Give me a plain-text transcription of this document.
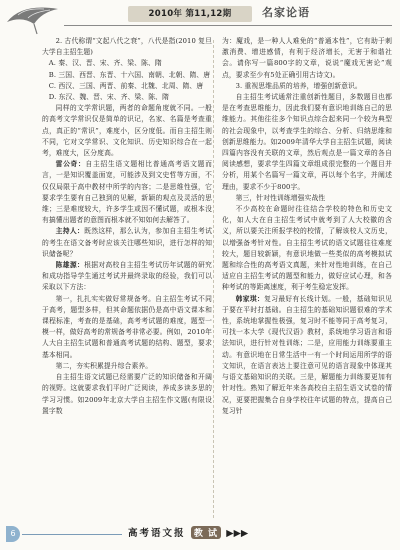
2010年 第11,12期	名家论语

2. 古代称谓“文起八代之衰”，八代是指(2010 复旦大学自主招生题)

A. 秦、汉、晋、宋、齐、梁、陈、隋

B. 三国、西晋、东晋、十六国、南朝、北朝、隋、唐

C. 西汉、三国、两晋、前秦、北魏、北周、隋、唐

D. 东汉、魏、晋、宋、齐、梁、陈、隋

同样的文学常识题，两者的命题角度就不同。一般的高考文学常识仅是简单的识记，名家、名篇是考查重点，真正的“常识”，难度小，区分度低。而自主招生则不同，它对文学常识、文化知识、历史知识综合在一起考，难度大，区分度高。

雷公奇：自主招生语文题相比普通高考语文题而言，一是知识覆盖面宽，可能涉及到文史哲等方面，不仅仅局限于高中教材中所学的内容；二是思维性强，它要求学生要有自己独到的见解，新颖的观点及灵活的思维；三是难度较大，许多学生或因不懂试题，或根本没有搞懂出题者的意图而根本就不知如何去解答了。

主持人：既然这样，那么认为，参加自主招生考试的考生在语文备考时应该关注哪些知识，进行怎样的知识储备呢？

陈雄源：根据对高校自主招生考试历年试题的研究和成功指导学生通过考试并最终录取的经验，我们可以采取以下方法：

第一，扎扎实实做好常规备考。自主招生考试不同于高考，题型多样，但其命题依据仍是高中语文课本和课程标准，考查的是基础，高考考试题的难度，题型一模一样，做好高考的常规备考非常必要。例如，2010年人大自主招生试题和普通高考试题的结构、题型，要求基本相同。

第二，夯实积累提升综合素养。

自主招生语文试题已经需要广泛的知识储备和开阔的视野。这就要求我们平时广泛阅读，养成多读多思的学习习惯。如2009年北京大学自主招生作文题(有限设置字数

为：魔戏，是一种人人难免的“普通本性”，它有助于刺激消费、增进感情，有利于经济增长，无害于和谐社会。请你写一篇800字的文章，说说“魔戏无害论”观点，要求至少有5处正确引用古诗文)。

3. 重视思维品质的培养，增强创新意识。

自主招生考试通常注重创新性题目，多数题目也都是在考查思维能力，因此我们要有意识地训练自己的思维能力。其他往往多个知识点综合起来同一个较为典型的社会现象中，以考查学生的综合、分析、归纳思维和创新思维能力。如2009年清华大学自主招生试题，阅读四篇内容没有关联的文章，然后观点是一篇文章的各自阅读感想，要求学生四篇文章组成很完整的一个题目并分析，用某个名篇写一篇文章，再以每个名字，并阐述理由，要求不少于800字。

第三，针对性训练增强实战性

不少高校在命题时往往结合学校的特色和历史文化，如人大在自主招生考试中就考到了人大校徽的含义，所以要关注所报学校的校情，了解该校人文历史，以增强备考针对性。自主招生考试的语文试题往往难度较大，题目较新颖，有意识地做一些类似的高考模拟试题和综合性的高考语文真题，来针对性地训练，在自己适应自主招生考试的题型和能力，做好应试心理，和各种考试的等距离速度，利于考生稳定发挥。

韩家琪：复习最好有长线计划。一般，基础知识见于要在平时打基础。自主招生的基础知识题很难的学术性，系统地掌握性极强，复习时不能等同于高考复习，可找一本大学《现代汉语》教材，系统地学习语言和语法知识，进行针对性训练；二是，应用能力训练要重主动。有意识地在日常生活中一有一个时间运用所学的语文知识，在语言表达上要注意可见的语言现象中体现其与语文基础知识的关联。三是，解题能力训练要更加有针对性。熟知了解近年来各高校自主招生语文试卷的情况，更要把握集合自身学校往年试题的特点，提高自己复习针

6	高考语文报 教 试 ▶▶▶
